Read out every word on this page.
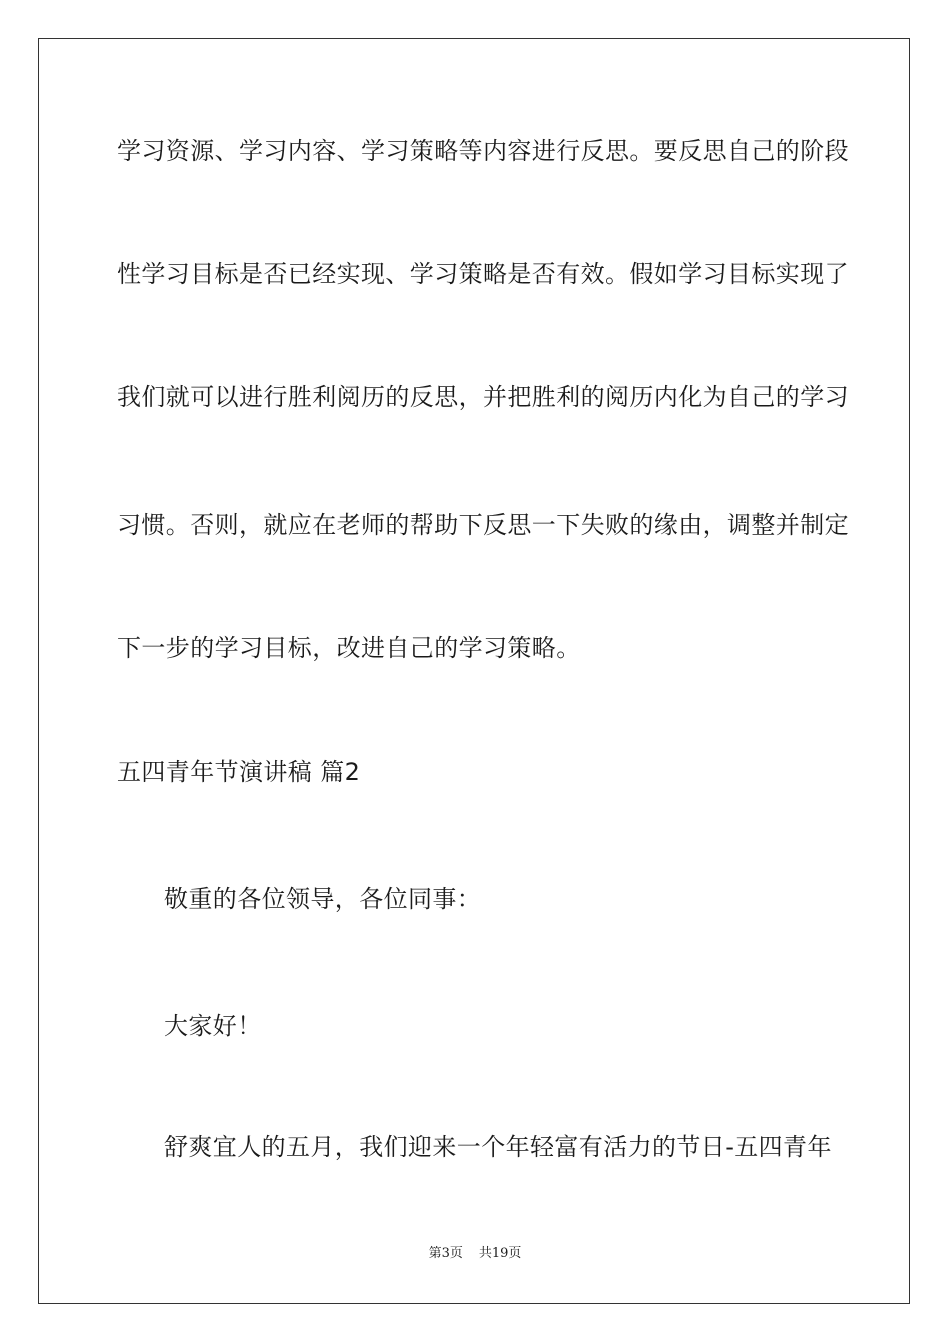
学习资源、学习内容、学习策略等内容进行反思。要反思自己的阶段
性学习目标是否已经实现、学习策略是否有效。假如学习目标实现了
我们就可以进行胜利阅历的反思，并把胜利的阅历内化为自己的学习
习惯。否则，就应在老师的帮助下反思一下失败的缘由，调整并制定
下一步的学习目标，改进自己的学习策略。
五四青年节演讲稿 篇2
敬重的各位领导，各位同事：
大家好！
舒爽宜人的五月，我们迎来一个年轻富有活力的节日-五四青年
第3页 共19页
